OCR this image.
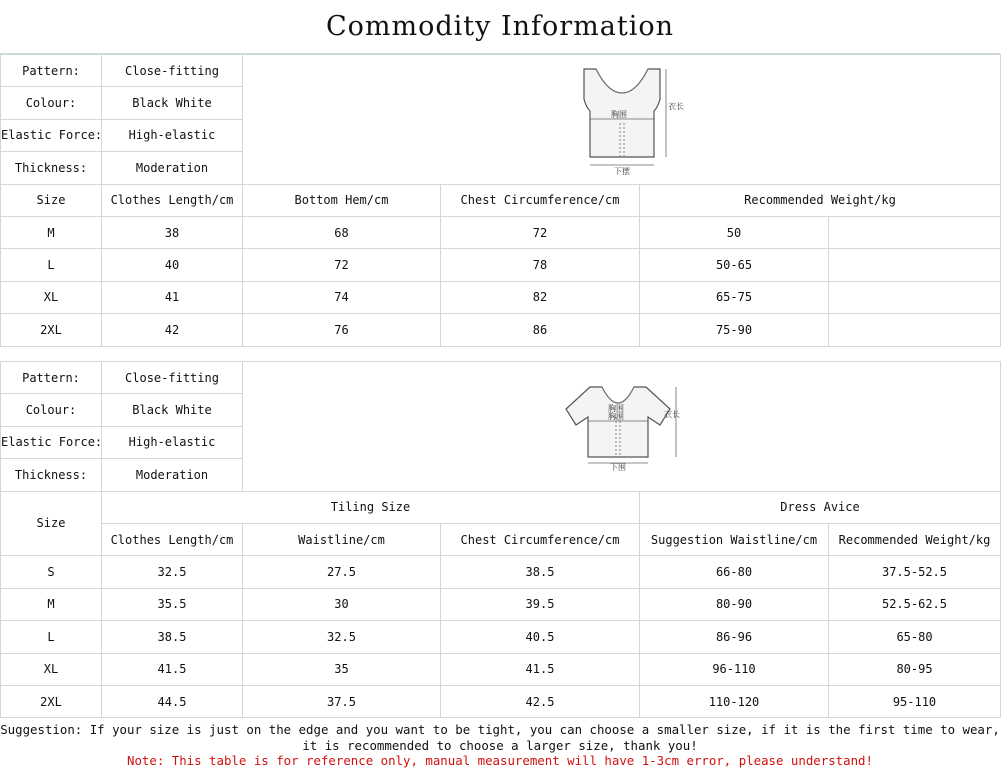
Commodity Information
Pattern:	Close-fitting	胸围
衣长
下摆			

Colour:	Black White				
Elastic Force:	High-elastic				
Thickness:	Moderation				
Size	Clothes Length/cm	Bottom Hem/cm	Chest Circumference/cm	Recommended Weight/kg	
M	38	68	72	50	
L	40	72	78	50-65	
XL	41	74	82	65-75	
2XL	42	76	86	75-90	
Pattern:	Close-fitting	胸围
胸围 衣长
下围			

Colour:	Black White				
Elastic Force:	High-elastic				
Thickness:	Moderation				
Size	Tiling Size			Dress Avice	
	Clothes Length/cm	Waistline/cm	Chest Circumference/cm	Suggestion Waistline/cm	Recommended Weight/kg
S	32.5	27.5	38.5	66-80	37.5-52.5
M	35.5	30	39.5	80-90	52.5-62.5
L	38.5	32.5	40.5	86-96	65-80
XL	41.5	35	41.5	96-110	80-95
2XL	44.5	37.5	42.5	110-120	95-110
Suggestion: If your size is just on the edge and you want to be tight, you can choose a smaller size, if it is the first time to wear,
it is recommended to choose a larger size, thank you!
Note: This table is for reference only, manual measurement will have 1-3cm error, please understand!
